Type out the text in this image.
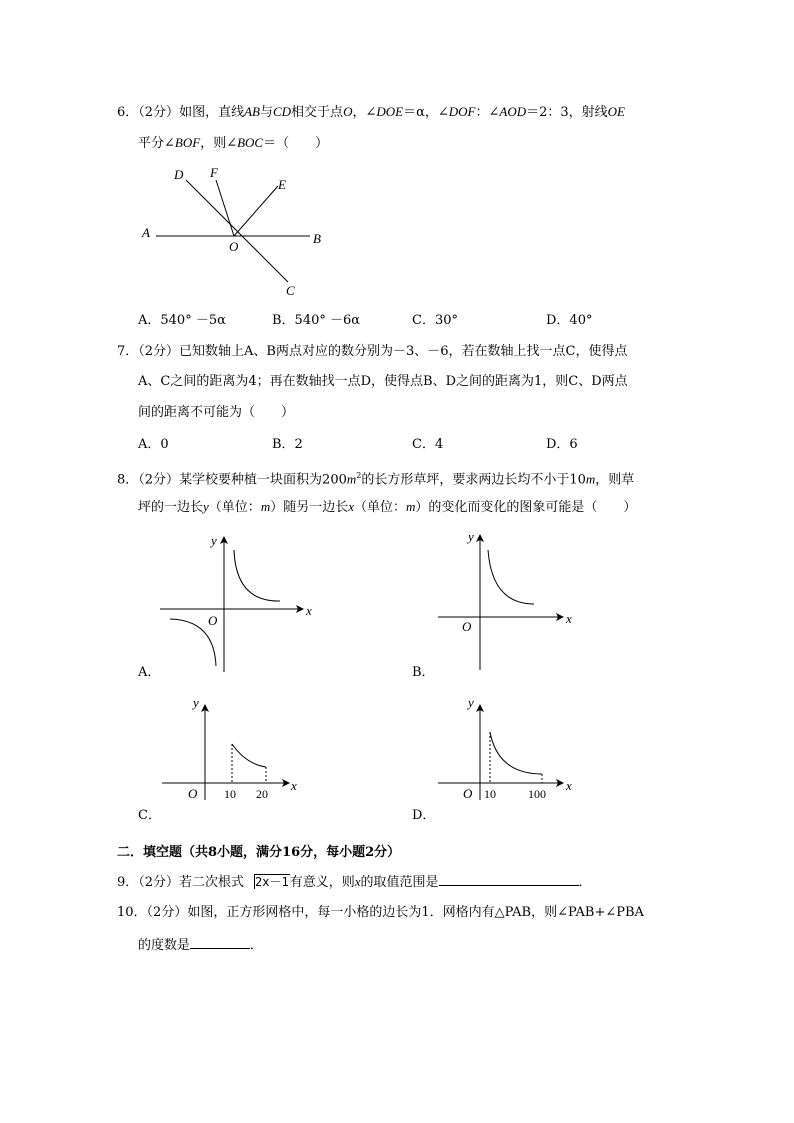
6．（2分）如图，直线AB与CD相交于点O，∠DOE＝α，∠DOF：∠AOD＝2：3，射线OE
平分∠BOF，则∠BOC＝（　　）
D F
E
A
O
B
C
A．540° －5α	B．540° －6α	C．30°	D．40°
7．（2分）已知数轴上A、B两点对应的数分别为－3、－6，若在数轴上找一点C，使得点
A、C之间的距离为4；再在数轴找一点D，使得点B、D之间的距离为1，则C、D两点
间的距离不可能为（　　）
A．0	B．2	C．4	D．6
8．（2分）某学校要种植一块面积为$200m^2$的长方形草坪，要求两边长均不小于10m，则草
坪的一边长y（单位：m）随另一边长x（单位：m）的变化而变化的图象可能是（　　）
y
x
O
A．
y
x
O
B．
y
x
O 10 20
C．
y
x
O 10	100
D．
二．填空题（共8小题，满分16分，每小题2分）
9．（2分）若二次根式 2x－1有意义，则x的取值范围是	．
10．（2分）如图，正方形网格中，每一小格的边长为1．网格内有△PAB，则∠PAB+∠PBA
的度数是	．
